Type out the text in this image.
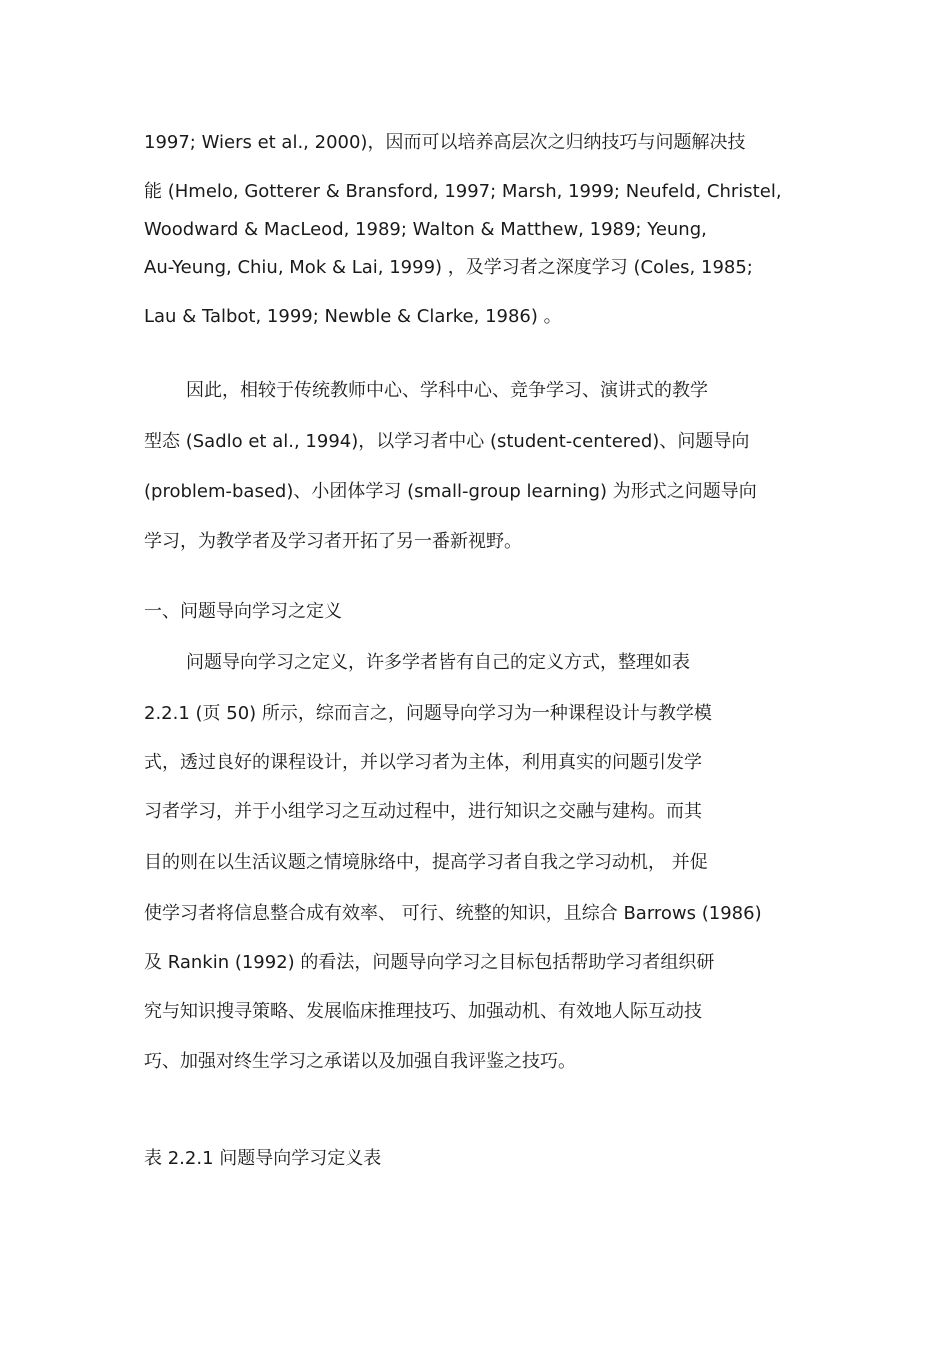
1997; Wiers et al., 2000)，因而可以培养高层次之归纳技巧与问题解决技
能 (Hmelo, Gotterer & Bransford, 1997; Marsh, 1999; Neufeld, Christel,
Woodward & MacLeod, 1989; Walton & Matthew, 1989; Yeung,
Au-Yeung, Chiu, Mok & Lai, 1999) ，及学习者之深度学习 (Coles, 1985;
Lau & Talbot, 1999; Newble & Clarke, 1986) 。
因此，相较于传统教师中心、学科中心、竞争学习、演讲式的教学
型态 (Sadlo et al., 1994)，以学习者中心 (student-centered)、问题导向
(problem-based)、小团体学习 (small-group learning) 为形式之问题导向
学习，为教学者及学习者开拓了另一番新视野。
一、问题导向学习之定义
问题导向学习之定义，许多学者皆有自己的定义方式，整理如表
2.2.1 (页 50) 所示，综而言之，问题导向学习为一种课程设计与教学模
式，透过良好的课程设计，并以学习者为主体，利用真实的问题引发学
习者学习，并于小组学习之互动过程中，进行知识之交融与建构。而其
目的则在以生活议题之情境脉络中，提高学习者自我之学习动机， 并促
使学习者将信息整合成有效率、 可行、统整的知识，且综合 Barrows (1986)
及 Rankin (1992) 的看法，问题导向学习之目标包括帮助学习者组织研
究与知识搜寻策略、发展临床推理技巧、加强动机、有效地人际互动技
巧、加强对终生学习之承诺以及加强自我评鉴之技巧。
表 2.2.1 问题导向学习定义表
